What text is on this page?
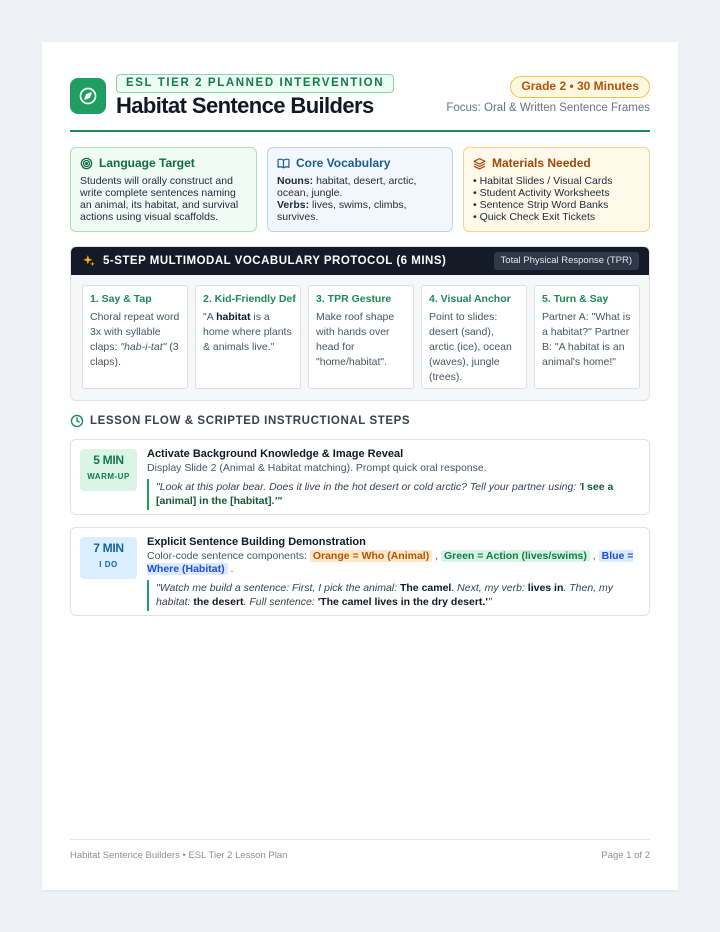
ESL TIER 2 PLANNED INTERVENTION
Habitat Sentence Builders
Grade 2 • 30 Minutes
Focus: Oral & Written Sentence Frames
Language Target
Students will orally construct and write complete sentences naming an animal, its habitat, and survival actions using visual scaffolds.
Core Vocabulary
Nouns: habitat, desert, arctic, ocean, jungle.
Verbs: lives, swims, climbs, survives.
Materials Needed
• Habitat Slides / Visual Cards
• Student Activity Worksheets
• Sentence Strip Word Banks
• Quick Check Exit Tickets
5-STEP MULTIMODAL VOCABULARY PROTOCOL (6 MINS)	Total Physical Response (TPR)
1. Say & Tap
Choral repeat word 3x with syllable claps: "hab-i-tat" (3 claps).
2. Kid-Friendly Def
"A habitat is a home where plants & animals live."
3. TPR Gesture
Make roof shape with hands over head for "home/habitat".
4. Visual Anchor
Point to slides: desert (sand), arctic (ice), ocean (waves), jungle (trees).
5. Turn & Say
Partner A: "What is a habitat?" Partner B: "A habitat is an animal's home!"
LESSON FLOW & SCRIPTED INSTRUCTIONAL STEPS
5 MIN
WARM-UP
Activate Background Knowledge & Image Reveal
Display Slide 2 (Animal & Habitat matching). Prompt quick oral response.
"Look at this polar bear. Does it live in the hot desert or cold arctic? Tell your partner using: 'I see a [animal] in the [habitat].'"
7 MIN
I DO
Explicit Sentence Building Demonstration
Color-code sentence components: Orange = Who (Animal) , Green = Action (lives/swims) , Blue = Where (Habitat) .
"Watch me build a sentence: First, I pick the animal: The camel. Next, my verb: lives in. Then, my habitat: the desert. Full sentence: 'The camel lives in the dry desert.'"
Habitat Sentence Builders • ESL Tier 2 Lesson Plan	Page 1 of 2
